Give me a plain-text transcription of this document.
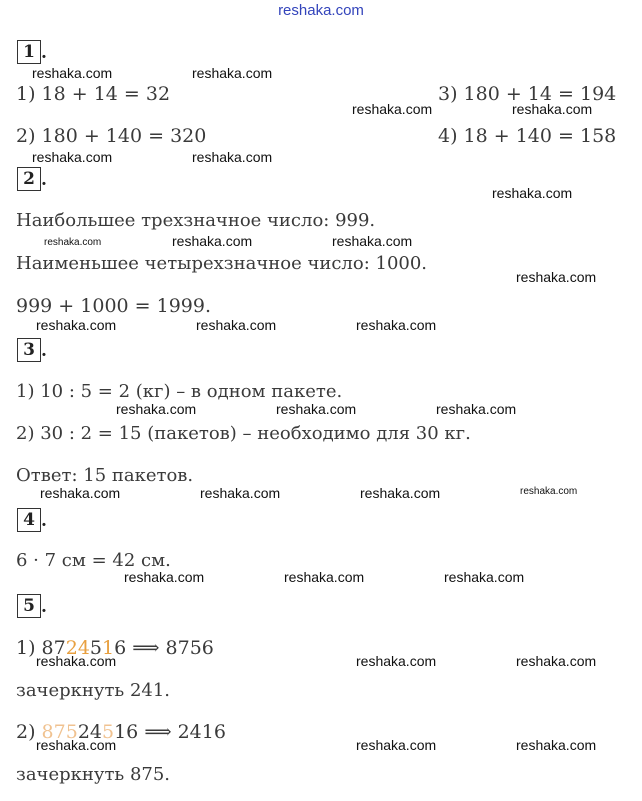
reshaka.com
1 .
1) 18 + 14 = 32	3) 180 + 14 = 194
2) 180 + 140 = 320	4) 18 + 140 = 158
2 .
Наибольшее трехзначное число: 999.
Наименьшее четырехзначное число: 1000.
999 + 1000 = 1999.
3 .
1) 10 : 5 = 2 (кг) – в одном пакете.
2) 30 : 2 = 15 (пакетов) – необходимо для 30 кг.
Ответ: 15 пакетов.
4 .
6 · 7 см = 42 см.
5 .
1) 8724516 ⟹ 8756
зачеркнуть 241.
2) 87524516 ⟹ 2416
зачеркнуть 875.
reshaka.com	reshaka.com
reshaka.com	reshaka.com
reshaka.com	reshaka.com
reshaka.com
reshaka.com	reshaka.com	reshaka.com
reshaka.com
reshaka.com	reshaka.com	reshaka.com
reshaka.com	reshaka.com	reshaka.com
reshaka.com	reshaka.com	reshaka.com	reshaka.com
reshaka.com	reshaka.com	reshaka.com
reshaka.com	reshaka.com	reshaka.com
reshaka.com	reshaka.com	reshaka.com
